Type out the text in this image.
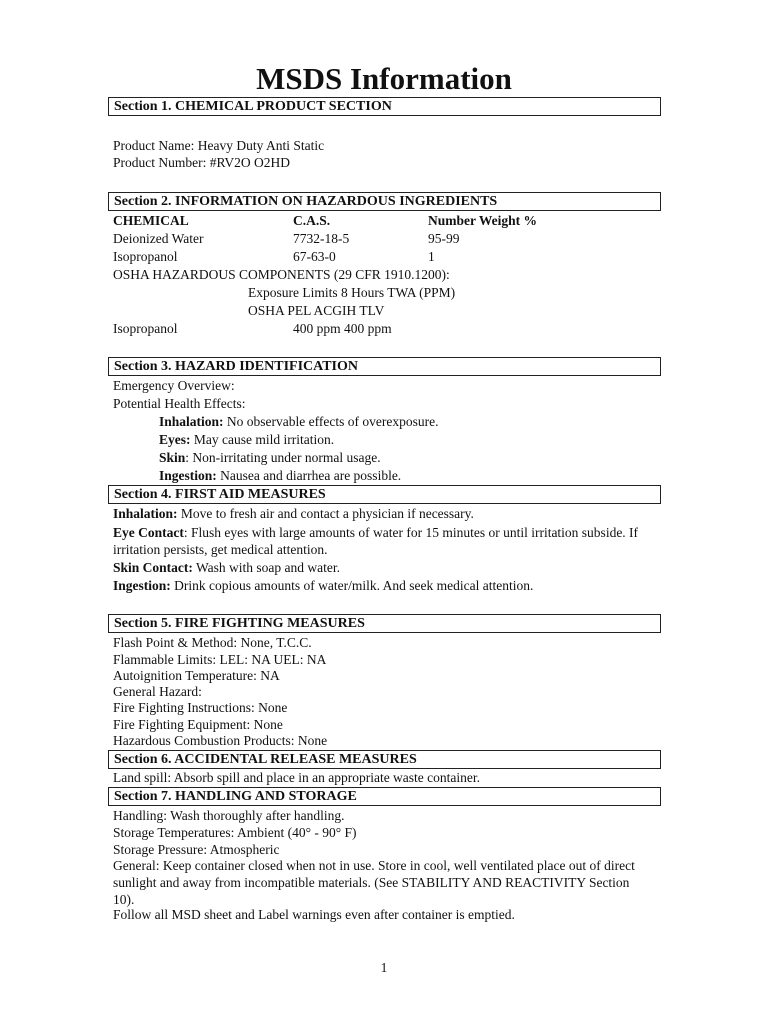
MSDS Information
Section 1. CHEMICAL PRODUCT SECTION
Product Name: Heavy Duty Anti Static
Product Number: #RV2O O2HD
Section 2. INFORMATION ON HAZARDOUS INGREDIENTS
CHEMICAL	C.A.S.	Number Weight %
Deionized Water	7732-18-5	95-99
Isopropanol	67-63-0	1
OSHA HAZARDOUS COMPONENTS (29 CFR 1910.1200):
Exposure Limits 8 Hours TWA (PPM)
OSHA PEL ACGIH TLV
Isopropanol	400 ppm 400 ppm
Section 3. HAZARD IDENTIFICATION
Emergency Overview:
Potential Health Effects:
Inhalation: No observable effects of overexposure.
Eyes: May cause mild irritation.
Skin: Non-irritating under normal usage.
Ingestion: Nausea and diarrhea are possible.
Section 4. FIRST AID MEASURES
Inhalation: Move to fresh air and contact a physician if necessary.
Eye Contact: Flush eyes with large amounts of water for 15 minutes or until irritation subside. If irritation persists, get medical attention.
Skin Contact: Wash with soap and water.
Ingestion: Drink copious amounts of water/milk. And seek medical attention.
Section 5. FIRE FIGHTING MEASURES
Flash Point & Method: None, T.C.C.
Flammable Limits: LEL: NA UEL: NA
Autoignition Temperature: NA
General Hazard:
Fire Fighting Instructions: None
Fire Fighting Equipment: None
Hazardous Combustion Products: None
Section 6. ACCIDENTAL RELEASE MEASURES
Land spill: Absorb spill and place in an appropriate waste container.
Section 7. HANDLING AND STORAGE
Handling: Wash thoroughly after handling.
Storage Temperatures: Ambient (40° - 90° F)
Storage Pressure: Atmospheric
General: Keep container closed when not in use. Store in cool, well ventilated place out of direct sunlight and away from incompatible materials. (See STABILITY AND REACTIVITY Section 10).
Follow all MSD sheet and Label warnings even after container is emptied.
1
